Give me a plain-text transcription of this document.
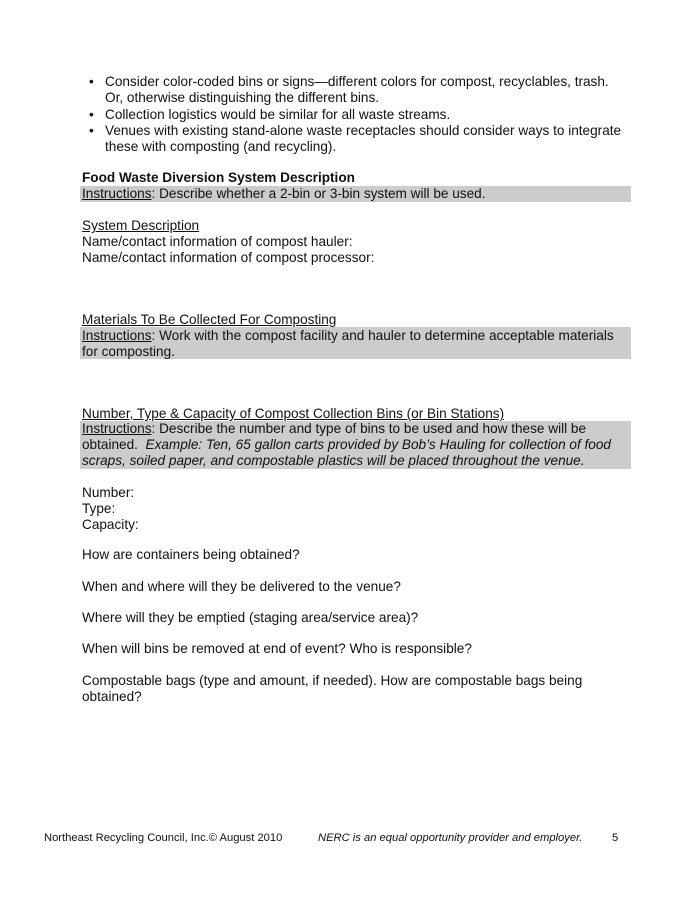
• Consider color-coded bins or signs—different colors for compost, recyclables, trash.
Or, otherwise distinguishing the different bins.
• Collection logistics would be similar for all waste streams.
• Venues with existing stand-alone waste receptacles should consider ways to integrate
these with composting (and recycling).
Food Waste Diversion System Description
Instructions: Describe whether a 2-bin or 3-bin system will be used.
System Description
Name/contact information of compost hauler:
Name/contact information of compost processor:
Materials To Be Collected For Composting
Instructions: Work with the compost facility and hauler to determine acceptable materials
for composting.
Number, Type & Capacity of Compost Collection Bins (or Bin Stations)
Instructions: Describe the number and type of bins to be used and how these will be
obtained.  Example: Ten, 65 gallon carts provided by Bob’s Hauling for collection of food
scraps, soiled paper, and compostable plastics will be placed throughout the venue.
Number:
Type:
Capacity:
How are containers being obtained?
When and where will they be delivered to the venue?
Where will they be emptied (staging area/service area)?
When will bins be removed at end of event? Who is responsible?
Compostable bags (type and amount, if needed). How are compostable bags being
obtained?
Northeast Recycling Council, Inc.© August 2010	NERC is an equal opportunity provider and employer.	5
